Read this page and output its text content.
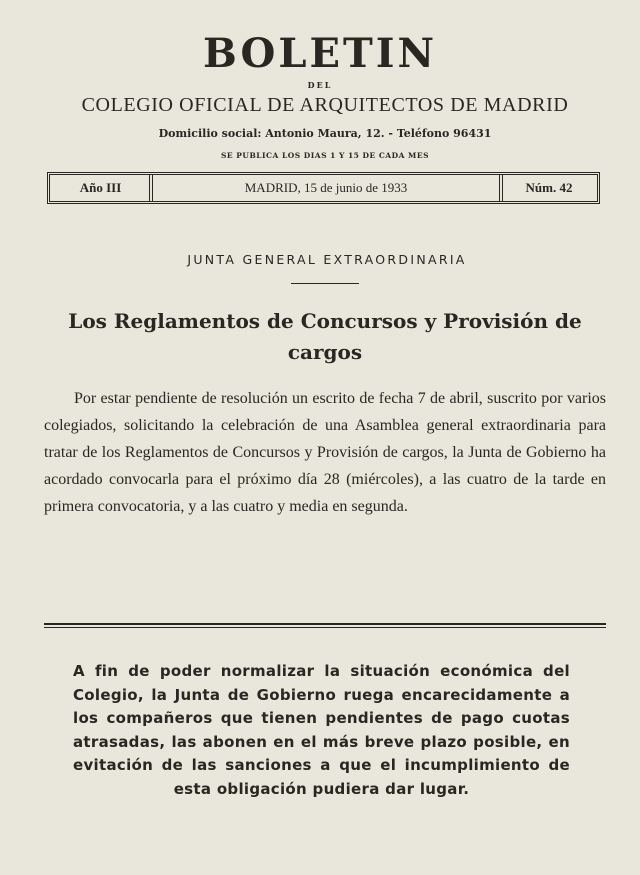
BOLETIN
DEL
COLEGIO OFICIAL DE ARQUITECTOS DE MADRID
Domicilio social: Antonio Maura, 12. - Teléfono 96431
SE PUBLICA LOS DIAS 1 Y 15 DE CADA MES
Año III	MADRID, 15 de junio de 1933	Núm. 42
JUNTA GENERAL EXTRAORDINARIA
Los Reglamentos de Concursos y Provisión de cargos
Por estar pendiente de resolución un escrito de fecha 7 de abril, suscrito por varios colegiados, solicitando la celebración de una Asamblea general extraordinaria para tratar de los Reglamentos de Concursos y Provisión de cargos, la Junta de Gobierno ha acordado convocarla para el próximo día 28 (miércoles), a las cuatro de la tarde en primera convocatoria, y a las cuatro y media en segunda.
A fin de poder normalizar la situación económica del Colegio, la Junta de Gobierno ruega encarecidamente a los compañeros que tienen pendientes de pago cuotas atrasadas, las abonen en el más breve plazo posible, en evitación de las sanciones a que el incumplimiento de esta obligación pudiera dar lugar.
